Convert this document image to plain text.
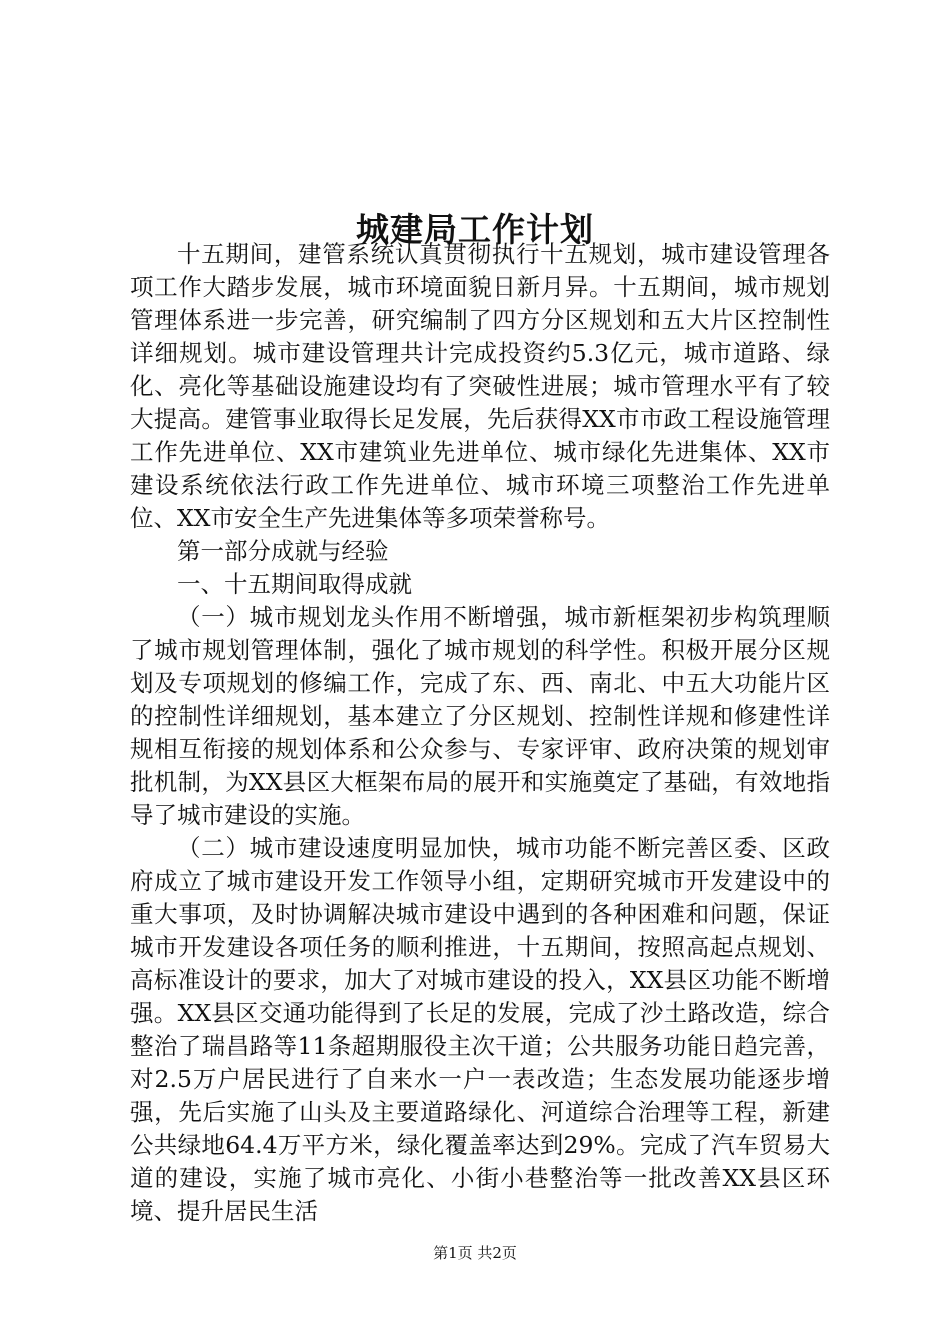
城建局工作计划

十五期间，建管系统认真贯彻执行十五规划，城市建设管理各项工作大踏步发展，城市环境面貌日新月异。十五期间，城市规划管理体系进一步完善，研究编制了四方分区规划和五大片区控制性详细规划。城市建设管理共计完成投资约5.3亿元，城市道路、绿化、亮化等基础设施建设均有了突破性进展；城市管理水平有了较大提高。建管事业取得长足发展，先后获得XX市市政工程设施管理工作先进单位、XX市建筑业先进单位、城市绿化先进集体、XX市建设系统依法行政工作先进单位、城市环境三项整治工作先进单位、XX市安全生产先进集体等多项荣誉称号。

第一部分成就与经验

一、十五期间取得成就

（一）城市规划龙头作用不断增强，城市新框架初步构筑理顺了城市规划管理体制，强化了城市规划的科学性。积极开展分区规划及专项规划的修编工作，完成了东、西、南北、中五大功能片区的控制性详细规划，基本建立了分区规划、控制性详规和修建性详规相互衔接的规划体系和公众参与、专家评审、政府决策的规划审批机制，为XX县区大框架布局的展开和实施奠定了基础，有效地指导了城市建设的实施。

（二）城市建设速度明显加快，城市功能不断完善区委、区政府成立了城市建设开发工作领导小组，定期研究城市开发建设中的重大事项，及时协调解决城市建设中遇到的各种困难和问题，保证城市开发建设各项任务的顺利推进，十五期间，按照高起点规划、高标准设计的要求，加大了对城市建设的投入，XX县区功能不断增强。XX县区交通功能得到了长足的发展，完成了沙土路改造，综合整治了瑞昌路等11条超期服役主次干道；公共服务功能日趋完善，对2.5万户居民进行了自来水一户一表改造；生态发展功能逐步增强，先后实施了山头及主要道路绿化、河道综合治理等工程，新建公共绿地64.4万平方米，绿化覆盖率达到29%。完成了汽车贸易大道的建设，实施了城市亮化、小街小巷整治等一批改善XX县区环境、提升居民生活

第1页 共2页
